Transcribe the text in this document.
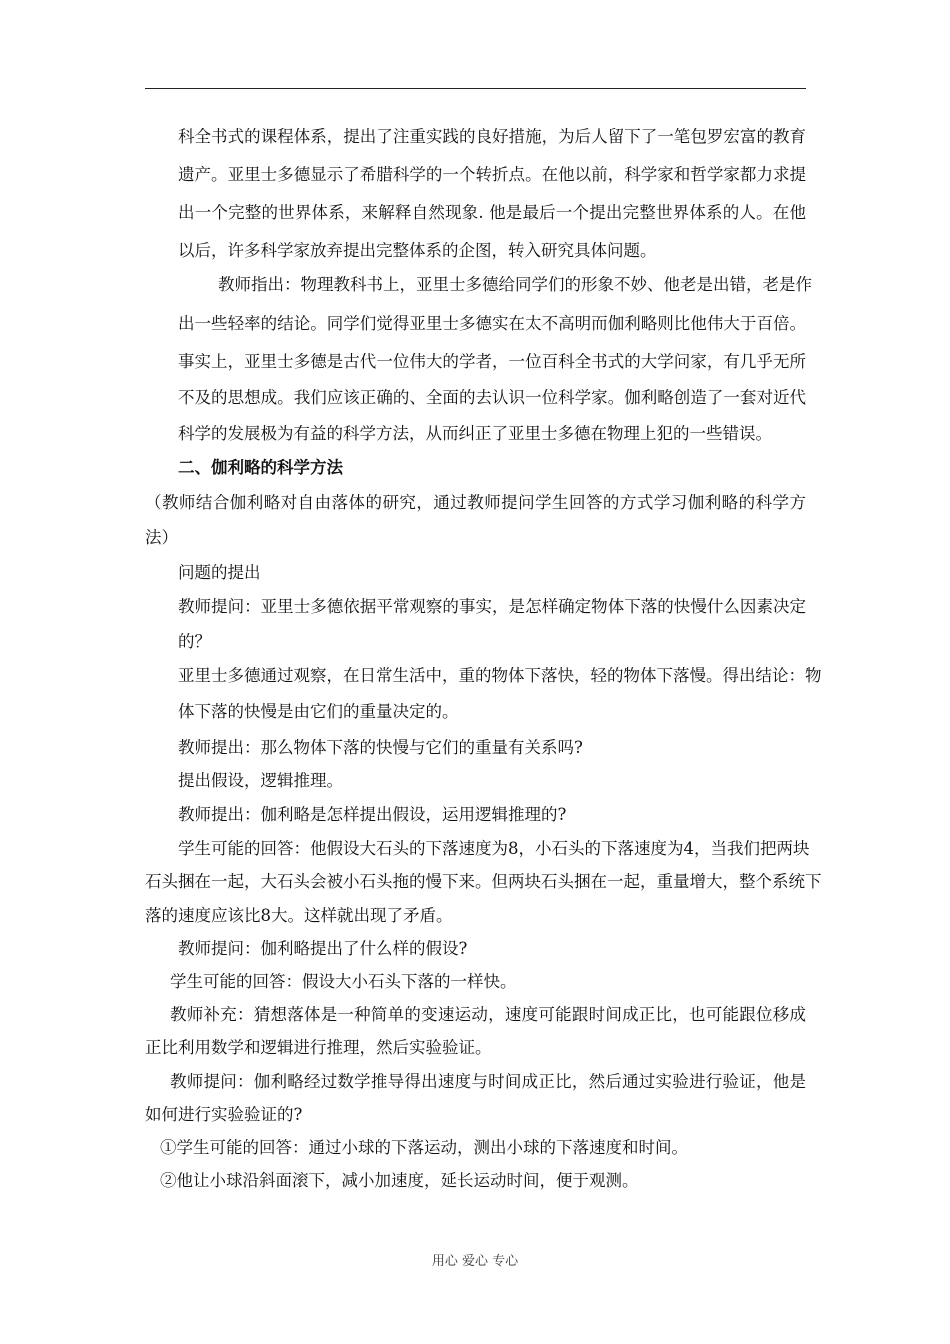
科全书式的课程体系，提出了注重实践的良好措施，为后人留下了一笔包罗宏富的教育
遗产。亚里士多德显示了希腊科学的一个转折点。在他以前，科学家和哲学家都力求提
出一个完整的世界体系，来解释自然现象. 他是最后一个提出完整世界体系的人。在他
以后，许多科学家放弃提出完整体系的企图，转入研究具体问题。
教师指出：物理教科书上，亚里士多德给同学们的形象不妙、他老是出错，老是作
出一些轻率的结论。同学们觉得亚里士多德实在太不高明而伽利略则比他伟大于百倍。
事实上，亚里士多德是古代一位伟大的学者，一位百科全书式的大学问家，有几乎无所
不及的思想成。我们应该正确的、全面的去认识一位科学家。伽利略创造了一套对近代
科学的发展极为有益的科学方法，从而纠正了亚里士多德在物理上犯的一些错误。
二、伽利略的科学方法
（教师结合伽利略对自由落体的研究，通过教师提问学生回答的方式学习伽利略的科学方
法）
问题的提出
教师提问：亚里士多德依据平常观察的事实，是怎样确定物体下落的快慢什么因素决定
的？
亚里士多德通过观察，在日常生活中，重的物体下落快，轻的物体下落慢。得出结论：物
体下落的快慢是由它们的重量决定的。
教师提出：那么物体下落的快慢与它们的重量有关系吗?
提出假设，逻辑推理。
教师提出：伽利略是怎样提出假设，运用逻辑推理的?
学生可能的回答：他假设大石头的下落速度为8，小石头的下落速度为4，当我们把两块
石头捆在一起，大石头会被小石头拖的慢下来。但两块石头捆在一起，重量增大，整个系统下
落的速度应该比8大。这样就出现了矛盾。
教师提问：伽利略提出了什么样的假设?
学生可能的回答：假设大小石头下落的一样快。
教师补充：猜想落体是一种简单的变速运动，速度可能跟时间成正比，也可能跟位移成
正比利用数学和逻辑进行推理，然后实验验证。
教师提问：伽利略经过数学推导得出速度与时间成正比，然后通过实验进行验证，他是
如何进行实验验证的?
①学生可能的回答：通过小球的下落运动，测出小球的下落速度和时间。
②他让小球沿斜面滚下，减小加速度，延长运动时间，便于观测。
用心 爱心 专心
